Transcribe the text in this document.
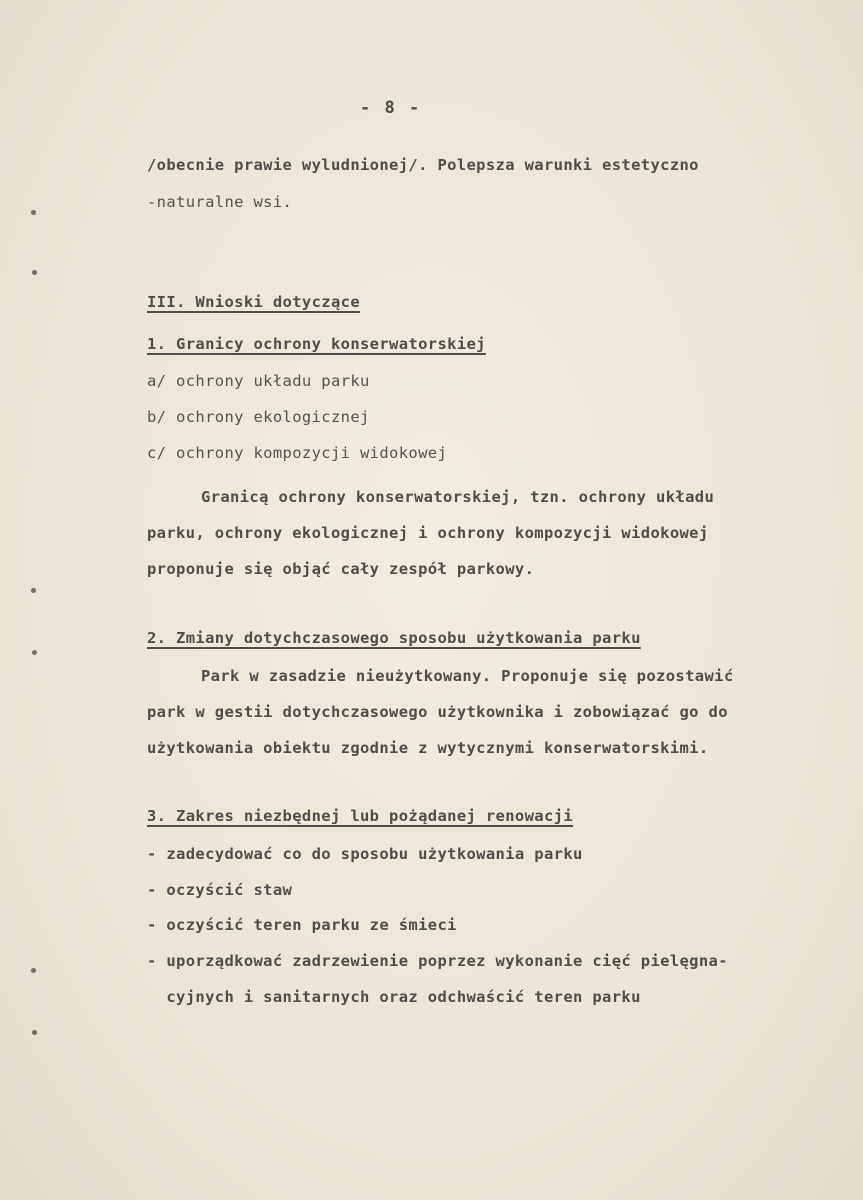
- 8 -
/obecnie prawie wyludnionej/. Polepsza warunki estetyczno
-naturalne wsi.
III. Wnioski dotyczące
1. Granicy ochrony konserwatorskiej
a/ ochrony układu parku
b/ ochrony ekologicznej
c/ ochrony kompozycji widokowej
Granicą ochrony konserwatorskiej, tzn. ochrony układu
parku, ochrony ekologicznej i ochrony kompozycji widokowej
proponuje się objąć cały zespół parkowy.
2. Zmiany dotychczasowego sposobu użytkowania parku
Park w zasadzie nieużytkowany. Proponuje się pozostawić
park w gestii dotychczasowego użytkownika i zobowiązać go do
użytkowania obiektu zgodnie z wytycznymi konserwatorskimi.
3. Zakres niezbędnej lub pożądanej renowacji
- zadecydować co do sposobu użytkowania parku
- oczyścić staw
- oczyścić teren parku ze śmieci
- uporządkować zadrzewienie poprzez wykonanie cięć pielęgna-
cyjnych i sanitarnych oraz odchwaścić teren parku
